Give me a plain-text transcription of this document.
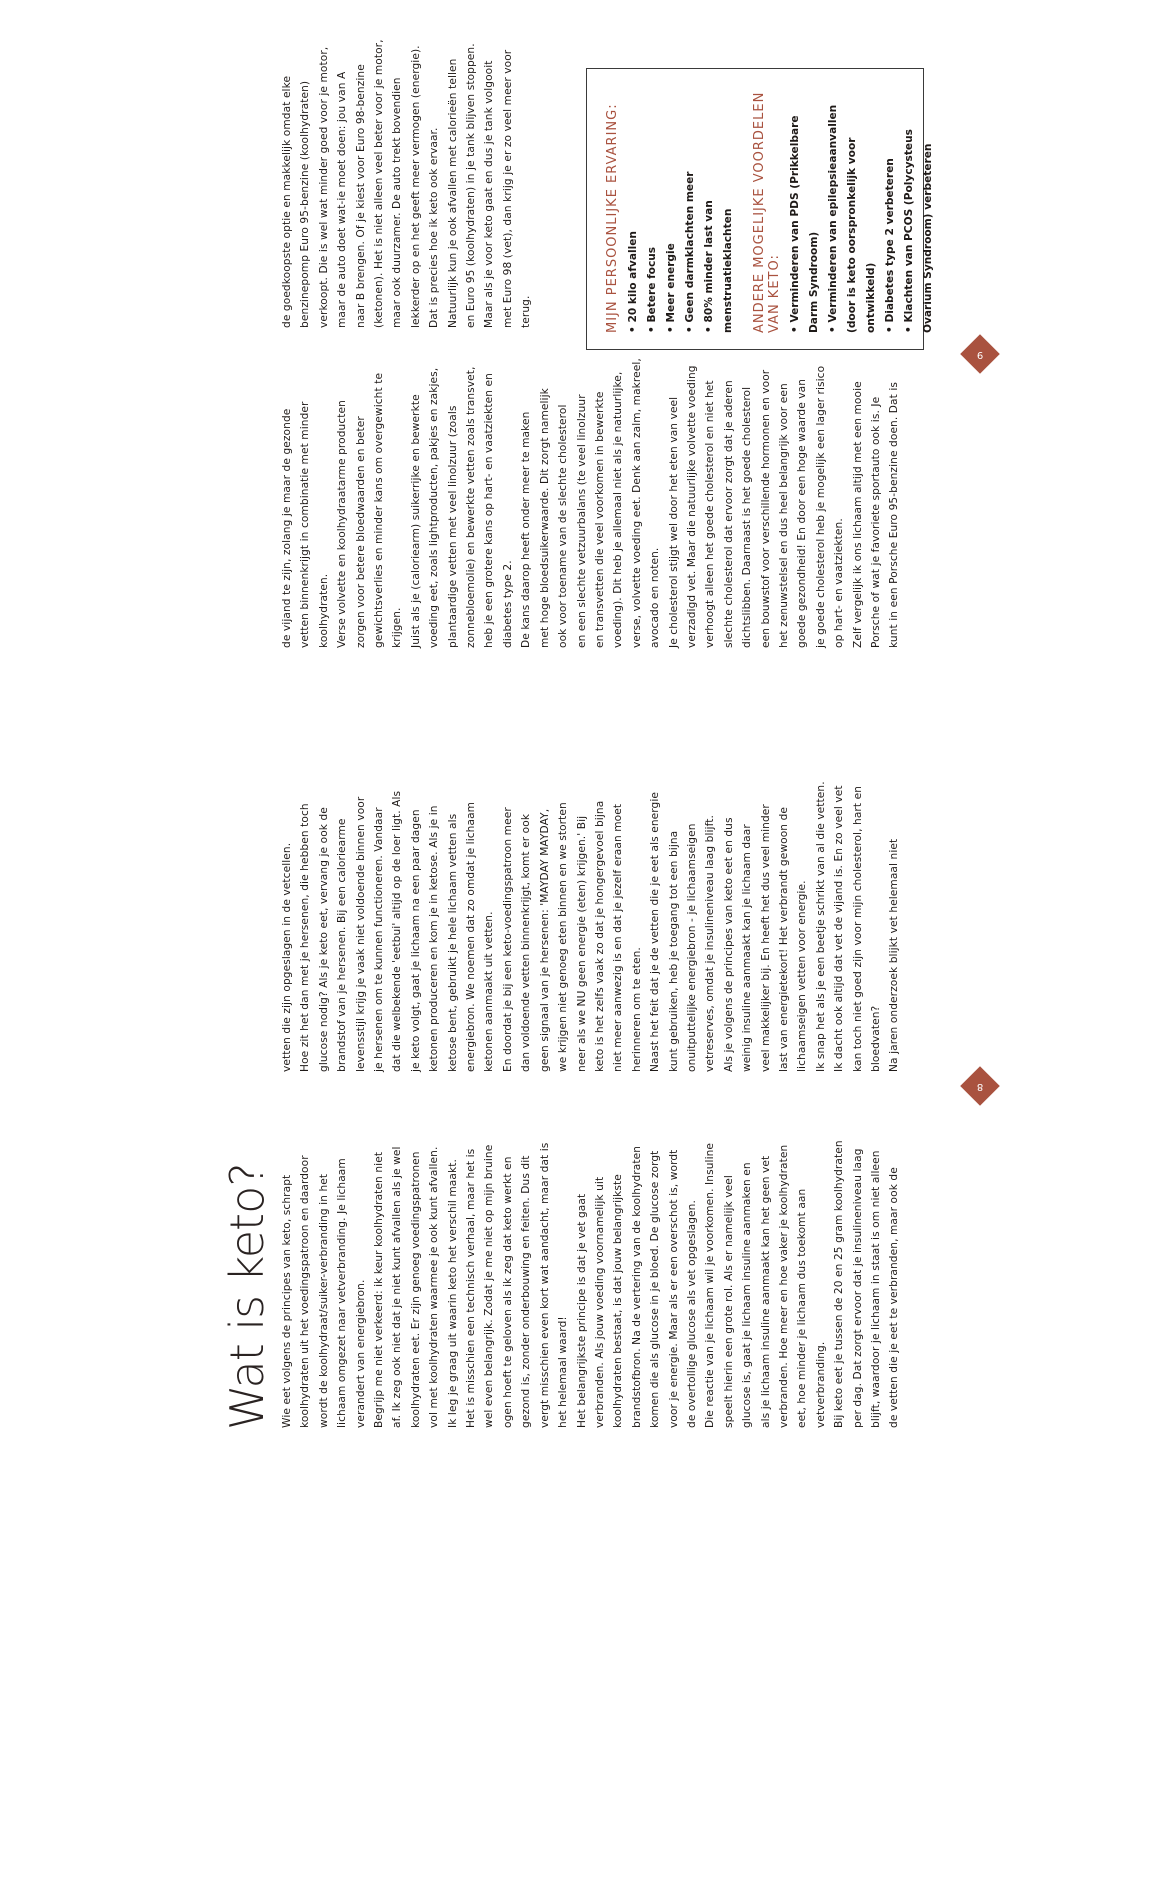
Wat is keto?
8
Wie eet volgens de principes van keto, schrapt
koolhydraten uit het voedingspatroon en daardoor
wordt de koolhydraat/suiker-verbranding in het
lichaam omgezet naar vetverbranding. Je lichaam
verandert van energiebron.
Begrijp me niet verkeerd: ik keur koolhydraten niet
af. Ik zeg ook niet dat je niet kunt afvallen als je wel
koolhydraten eet. Er zijn genoeg voedingspatronen
vol met koolhydraten waarmee je ook kunt afvallen.
Ik leg je graag uit waarin keto het verschil maakt.
Het is misschien een technisch verhaal, maar het is
wel even belangrijk. Zodat je me niet op mijn bruine
ogen hoeft te geloven als ik zeg dat keto werkt en
gezond is, zonder onderbouwing en feiten. Dus dit
vergt misschien even kort wat aandacht, maar dat is
het helemaal waard!
Het belangrijkste principe is dat je vet gaat
verbranden. Als jouw voeding voornamelijk uit
koolhydraten bestaat, is dat jouw belangrijkste
brandstofbron. Na de vertering van de koolhydraten
komen die als glucose in je bloed. De glucose zorgt
voor je energie. Maar als er een overschot is, wordt
de overtollige glucose als vet opgeslagen.
Die reactie van je lichaam wil je voorkomen. Insuline
speelt hierin een grote rol. Als er namelijk veel
glucose is, gaat je lichaam insuline aanmaken en
als je lichaam insuline aanmaakt kan het geen vet
verbranden. Hoe meer en hoe vaker je koolhydraten
eet, hoe minder je lichaam dus toekomt aan
vetverbranding.
Bij keto eet je tussen de 20 en 25 gram koolhydraten
per dag. Dat zorgt ervoor dat je insulineniveau laag
blijft, waardoor je lichaam in staat is om niet alleen
de vetten die je eet te verbranden, maar ook de
vetten die zijn opgeslagen in de vetcellen.
Hoe zit het dan met je hersenen, die hebben toch
glucose nodig? Als je keto eet, vervang je ook de
brandstof van je hersenen. Bij een caloriearme
levensstijl krijg je vaak niet voldoende binnen voor
je hersenen om te kunnen functioneren. Vandaar
dat die welbekende 'eetbui' altijd op de loer ligt. Als
je keto volgt, gaat je lichaam na een paar dagen
ketonen produceren en kom je in ketose. Als je in
ketose bent, gebruikt je hele lichaam vetten als
energiebron. We noemen dat zo omdat je lichaam
ketonen aanmaakt uit vetten.
En doordat je bij een keto-voedingspatroon meer
dan voldoende vetten binnenkrijgt, komt er ook
geen signaal van je hersenen: 'MAYDAY MAYDAY,
we krijgen niet genoeg eten binnen en we storten
neer als we NU geen energie (eten) krijgen.' Bij
keto is het zelfs vaak zo dat je hongergevoel bijna
niet meer aanwezig is en dat je jezelf eraan moet
herinneren om te eten.
Naast het feit dat je de vetten die je eet als energie
kunt gebruiken, heb je toegang tot een bijna
onuitputtelijke energiebron - je lichaamseigen
vetreserves, omdat je insulineniveau laag blijft.
Als je volgens de principes van keto eet en dus
weinig insuline aanmaakt kan je lichaam daar
veel makkelijker bij. En heeft het dus veel minder
last van energietekort! Het verbrandt gewoon de
lichaamseigen vetten voor energie.
Ik snap het als je een beetje schrikt van al die vetten.
Ik dacht ook altijd dat vet de vijand is. En zo veel vet
kan toch niet goed zijn voor mijn cholesterol, hart en
bloedvaten?
Na jaren onderzoek blijkt vet helemaal niet
9
de vijand te zijn, zolang je maar de gezonde
vetten binnenkrijgt in combinatie met minder
koolhydraten.
Verse volvette en koolhydraatarme producten
zorgen voor betere bloedwaarden en beter
gewichtsverlies en minder kans om overgewicht te
krijgen.
Juist als je (caloriearm) suikerrijke en bewerkte
voeding eet, zoals lightproducten, pakjes en zakjes,
plantaardige vetten met veel linolzuur (zoals
zonnebloemolie) en bewerkte vetten zoals transvet,
heb je een grotere kans op hart- en vaatziekten en
diabetes type 2.
De kans daarop heeft onder meer te maken
met hoge bloedsuikerwaarde. Dit zorgt namelijk
ook voor toename van de slechte cholesterol
en een slechte vetzuurbalans (te veel linolzuur
en transvetten die veel voorkomen in bewerkte
voeding). Dit heb je allemaal niet als je natuurlijke,
verse, volvette voeding eet. Denk aan zalm, makreel,
avocado en noten.
Je cholesterol stijgt wel door het eten van veel
verzadigd vet. Maar die natuurlijke volvette voeding
verhoogt alleen het goede cholesterol en niet het
slechte cholesterol dat ervoor zorgt dat je aderen
dichtslibben. Daarnaast is het goede cholesterol
een bouwstof voor verschillende hormonen en voor
het zenuwstelsel en dus heel belangrijk voor een
goede gezondheid! En door een hoge waarde van
je goede cholesterol heb je mogelijk een lager risico
op hart- en vaatziekten.
Zelf vergelijk ik ons lichaam altijd met een mooie
Porsche of wat je favoriete sportauto ook is. Je
kunt in een Porsche Euro 95-benzine doen. Dat is
de goedkoopste optie en makkelijk omdat elke
benzinepomp Euro 95-benzine (koolhydraten)
verkoopt. Die is wel wat minder goed voor je motor,
maar de auto doet wat-ie moet doen: jou van A
naar B brengen. Of je kiest voor Euro 98-benzine
(ketonen). Het is niet alleen veel beter voor je motor,
maar ook duurzamer. De auto trekt bovendien
lekkerder op en het geeft meer vermogen (energie).
Dat is precies hoe ik keto ook ervaar.
Natuurlijk kun je ook afvallen met calorieën tellen
en Euro 95 (koolhydraten) in je tank blijven stoppen.
Maar als je voor keto gaat en dus je tank volgooit
met Euro 98 (vet), dan krijg je er zo veel meer voor
terug.	MIJN PERSOONLIJKE ERVARING: • 20 kilo afvallen • Betere focus • Meer energie • Geen darmklachten meer • 80% minder last van menstruatieklachten	ANDERE MOGELIJKE VOORDELEN VAN KETO: • Verminderen van PDS (Prikkelbare Darm Syndroom) • Verminderen van epilepsieaanvallen (door is keto oorspronkelijk voor ontwikkeld) • Diabetes type 2 verbeteren • Klachten van PCOS (Polycysteus Ovarium Syndroom) verbeteren
